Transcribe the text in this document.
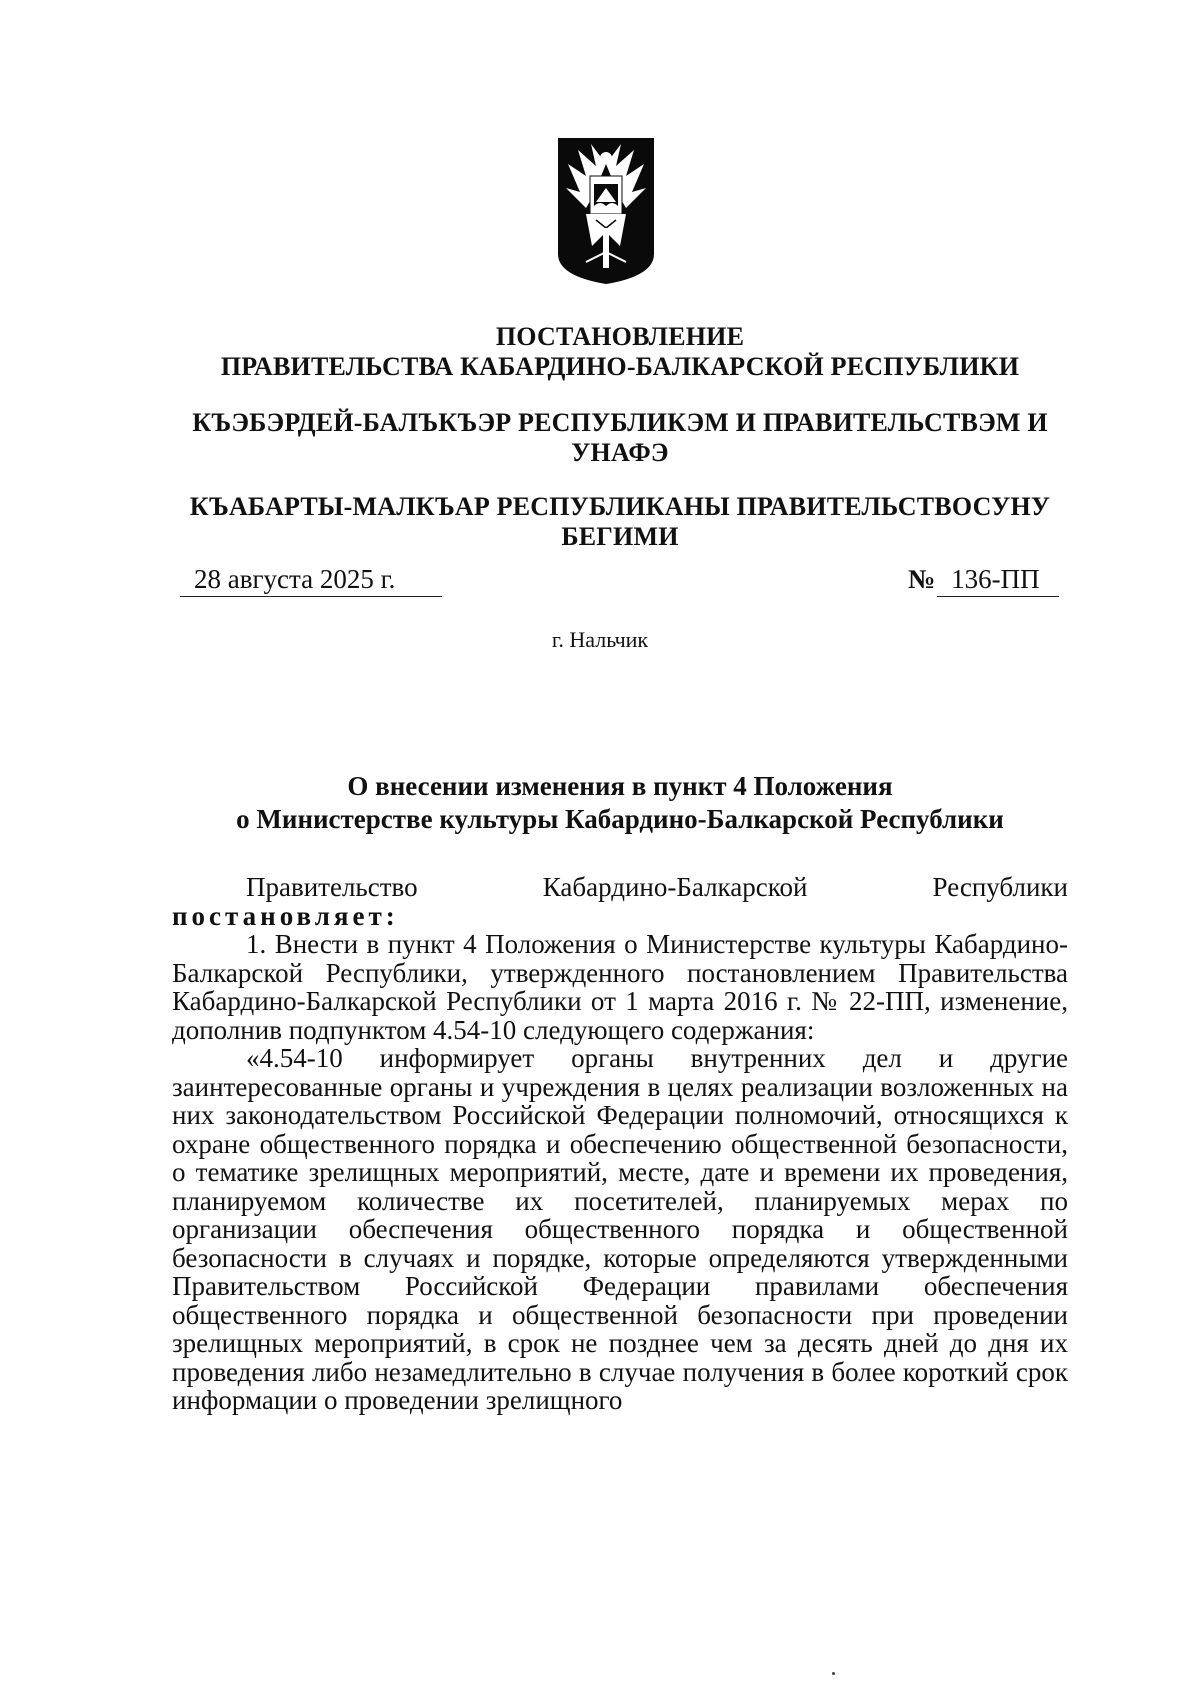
ПОСТАНОВЛЕНИЕ
ПРАВИТЕЛЬСТВА КАБАРДИНО-БАЛКАРСКОЙ РЕСПУБЛИКИ
КЪЭБЭРДЕЙ-БАЛЪКЪЭР РЕСПУБЛИКЭМ И ПРАВИТЕЛЬСТВЭМ И
УНАФЭ
КЪАБАРТЫ-МАЛКЪАР РЕСПУБЛИКАНЫ ПРАВИТЕЛЬСТВОСУНУ
БЕГИМИ
28 августа 2025 г.	№ 136-ПП
г. Нальчик
О внесении изменения в пункт 4 Положения
о Министерстве культуры Кабардино-Балкарской Республики
Правительство	Кабардино-Балкарской	Республики

постановляет:

1. Внести в пункт 4 Положения о Министерстве культуры Кабардино-Балкарской Республики, утвержденного постановлением Правительства Кабардино-Балкарской Республики от 1 марта 2016 г. № 22-ПП, изменение, дополнив подпунктом 4.54-10 следующего содержания:

«4.54-10 информирует органы внутренних дел и другие заинтересованные органы и учреждения в целях реализации возложенных на них законодательством Российской Федерации полномочий, относящихся к охране общественного порядка и обеспечению общественной безопасности, о тематике зрелищных мероприятий, месте, дате и времени их проведения, планируемом количестве их посетителей, планируемых мерах по организации обеспечения общественного порядка и общественной безопасности в случаях и порядке, которые определяются утвержденными Правительством Российской Федерации правилами обеспечения общественного порядка и общественной безопасности при проведении зрелищных мероприятий, в срок не позднее чем за десять дней до дня их проведения либо незамедлительно в случае получения в более короткий срок информации о проведении зрелищного
